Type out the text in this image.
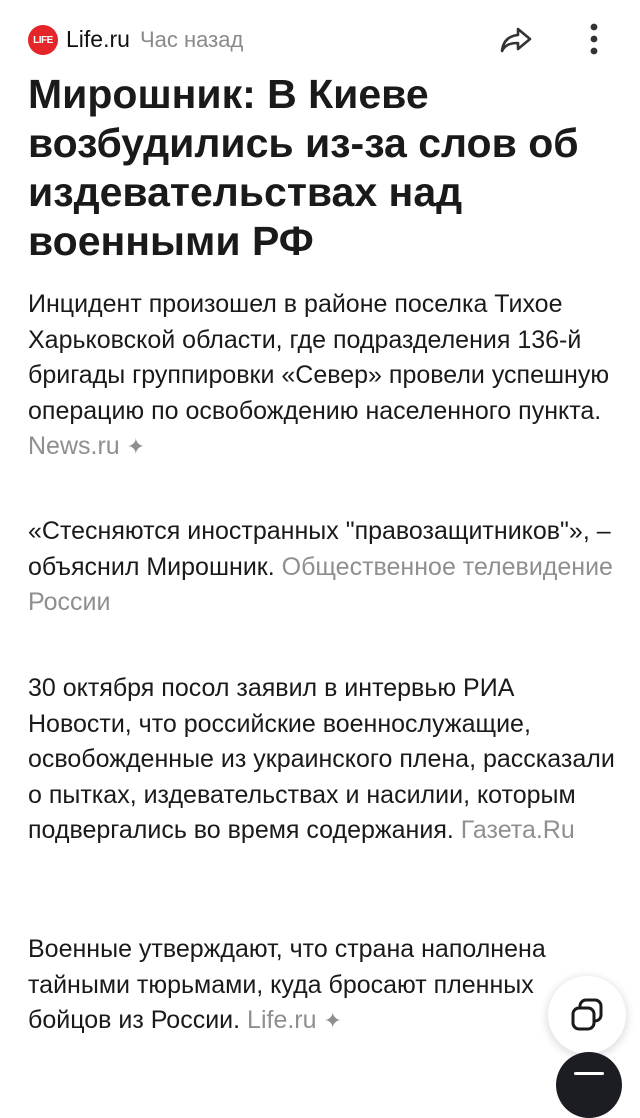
LIFE Life.ru Час назад
Мирошник: В Киеве возбудились из-за слов об издевательствах над военными РФ

Инцидент произошел в районе поселка Тихое Харьковской области, где подразделения 136-й бригады группировки «Север» провели успешную операцию по освобождению населенного пункта. News.ru ✦

«Стесняются иностранных "правозащитников"», – объяснил Мирошник. Общественное телевидение России

30 октября посол заявил в интервью РИА Новости, что российские военнослужащие, освобожденные из украинского плена, рассказали о пытках, издевательствах и насилии, которым подвергались во время содержания. Газета.Ru

Военные утверждают, что страна наполнена тайными тюрьмами, куда бросают пленных бойцов из России. Life.ru ✦
